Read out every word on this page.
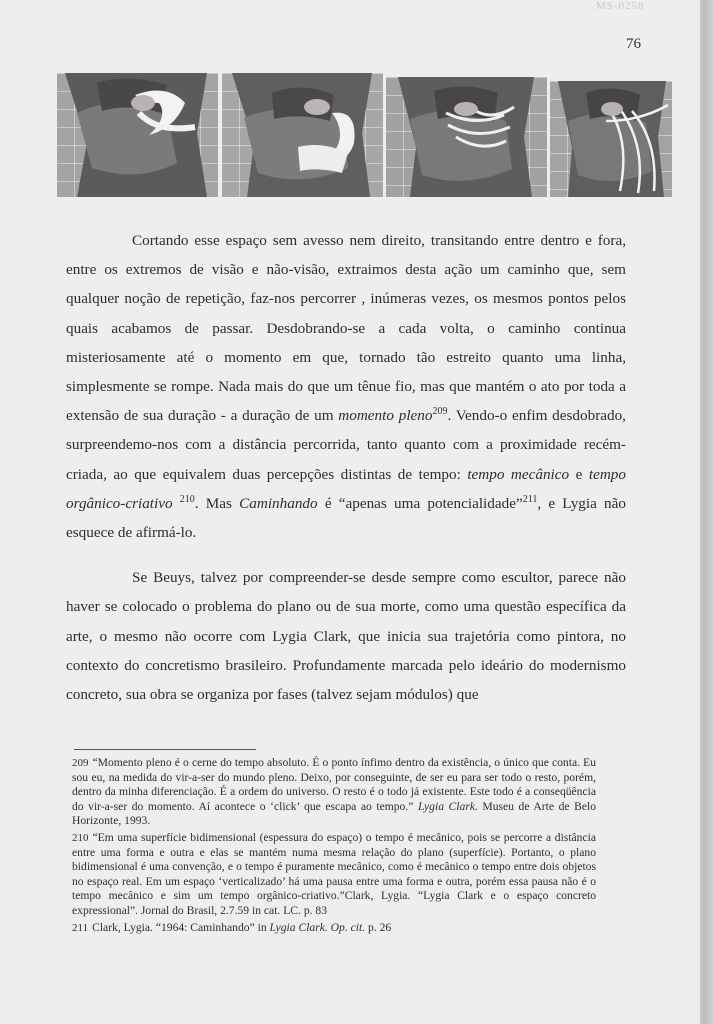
MS-0258
76

Cortando esse espaço sem avesso nem direito, transitando entre dentro e fora, entre os extremos de visão e não-visão, extraimos desta ação um caminho que, sem qualquer noção de repetição, faz-nos percorrer , inúmeras vezes, os mesmos pontos pelos quais acabamos de passar. Desdobrando-se a cada volta, o caminho continua misteriosamente até o momento em que, tornado tão estreito quanto uma linha, simplesmente se rompe. Nada mais do que um tênue fio, mas que mantém o ato por toda a extensão de sua duração - a duração de um momento pleno$^{209}$. Vendo-o enfim desdobrado, surpreendemo-nos com a distância percorrida, tanto quanto com a proximidade recém-criada, ao que equivalem duas percepções distintas de tempo: tempo mecânico e tempo orgânico-criativo $^{210}$. Mas Caminhando é “apenas uma potencialidade”$^{211}$, e Lygia não esquece de afirmá-lo.

Se Beuys, talvez por compreender-se desde sempre como escultor, parece não haver se colocado o problema do plano ou de sua morte, como uma questão específica da arte, o mesmo não ocorre com Lygia Clark, que inicia sua trajetória como pintora, no contexto do concretismo brasileiro. Profundamente marcada pelo ideário do modernismo concreto, sua obra se organiza por fases (talvez sejam módulos) que

209 “Momento pleno é o cerne do tempo absoluto. É o ponto ínfimo dentro da existência, o único que conta. Eu sou eu, na medida do vir-a-ser do mundo pleno. Deixo, por conseguinte, de ser eu para ser todo o resto, porém, dentro da minha diferenciação. É a ordem do universo. O resto é o todo já existente. Este todo é a conseqüência do vir-a-ser do momento. Aí acontece o ‘click’ que escapa ao tempo.” Lygia Clark. Museu de Arte de Belo Horizonte, 1993.

210 “Em uma superfície bidimensional (espessura do espaço) o tempo é mecânico, pois se percorre a distância entre uma forma e outra e elas se mantém numa mesma relação do plano (superfície). Portanto, o plano bidimensional é uma convenção, e o tempo é puramente mecânico, como é mecânico o tempo entre dois objetos no espaço real. Em um espaço ‘verticalizado’ há uma pausa entre uma forma e outra, porém essa pausa não é o tempo mecânico e sim um tempo orgânico-criativo.”Clark, Lygia. “Lygia Clark e o espaço concreto expressional”. Jornal do Brasil, 2.7.59 in cat. LC. p. 83

211 Clark, Lygia. “1964: Caminhando” in Lygia Clark. Op. cit. p. 26
